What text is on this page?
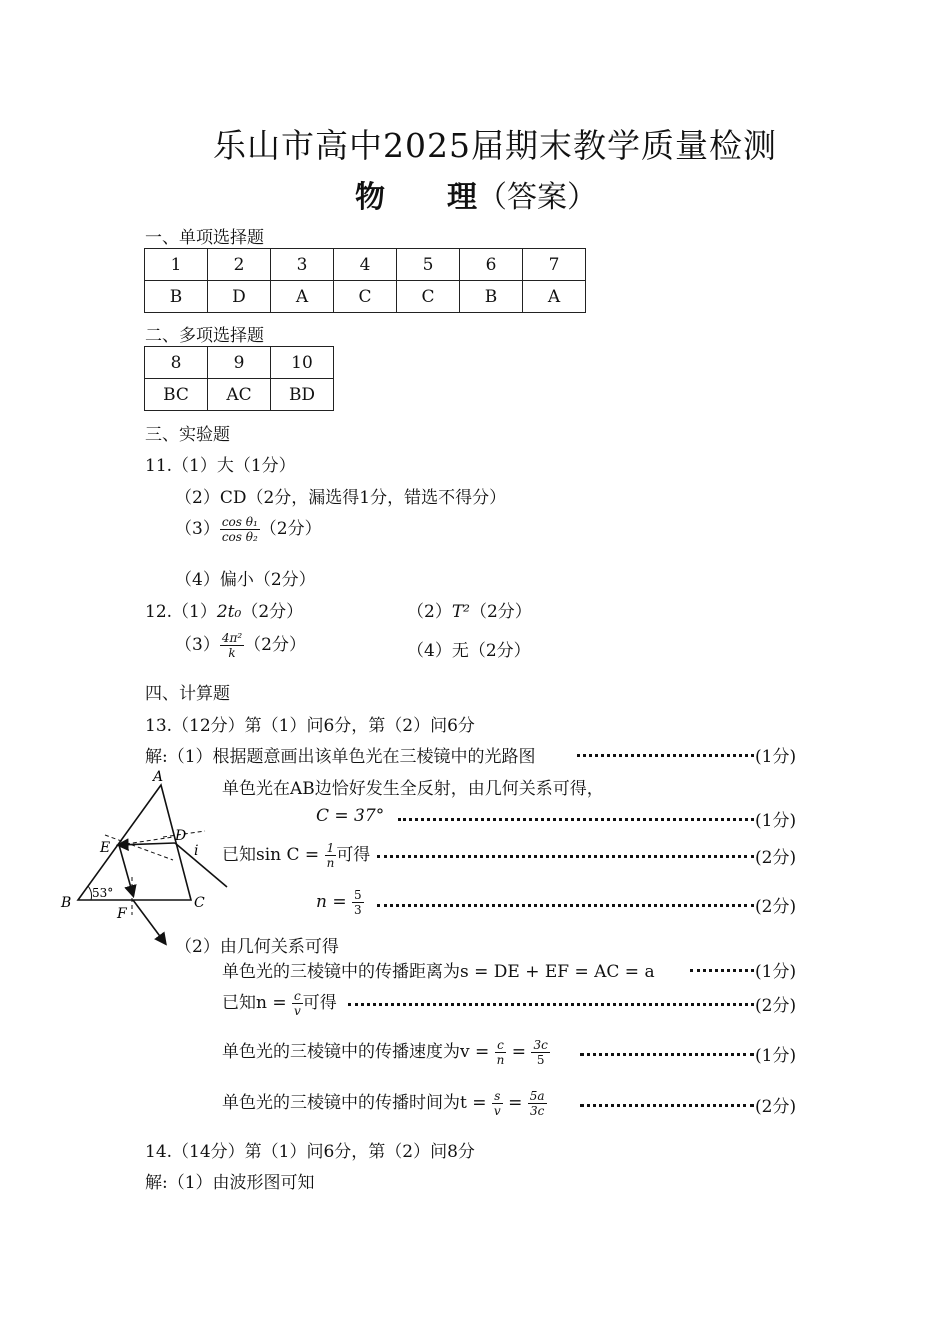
乐山市高中2025届期末教学质量检测
物 理（答案）
一、单项选择题
1	2	3	4	5	6	7
B	D	A	C	C	B	A
二、多项选择题
8	9	10
BC	AC	BD
三、实验题
11.（1）大（1分）
（2）CD（2分，漏选得1分，错选不得分）
$(3) \frac{\text{cos θ₁}}{\text{cos θ₂}} (2$分）
（4）偏小（2分）
12.（1）2t₀（2分）	（2）T²（2分）
$(3) \frac{\text{4π²}}{k} (2$分）	（4）无（2分）
四、计算题
13.（12分）第（1）问6分，第（2）问6分
解:（1）根据题意画出该单色光在三棱镜中的光路图	(1分)
单色光在AB边恰好发生全反射，由几何关系可得，
C = 37°	(1分)
已知$\sin C = \frac{1}{n}$ 可得	(2分)
$n = \frac{5}{3}$	(2分)
A
B	C
D
E
F
i
53°
（2）由几何关系可得
单色光的三棱镜中的传播距离为s = DE + EF = AC = a	(1分)
已知$n = \frac{c}{v}$ 可得	(2分)
单色光的三棱镜中的传播速度为$v = \frac{c}{n} = \frac{3c}{5}$	(1分)
单色光的三棱镜中的传播时间为$t = \frac{s}{v} = \frac{5a}{3c}$	(2分)
14.（14分）第（1）问6分，第（2）问8分
解:（1）由波形图可知
